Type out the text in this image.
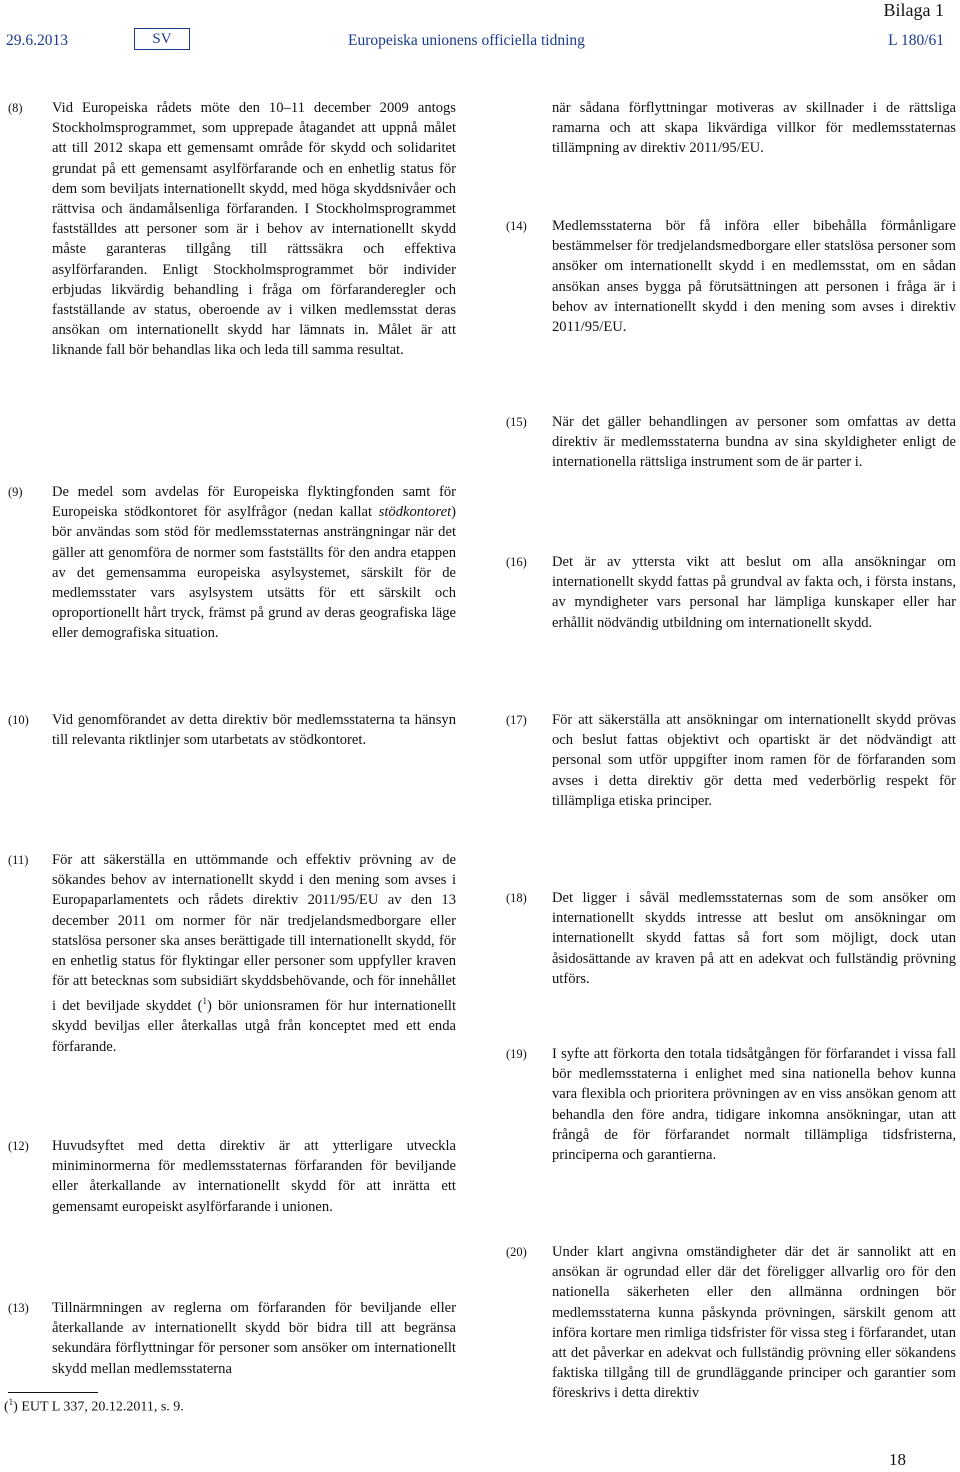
Bilaga 1
29.6.2013	SV	Europeiska unionens officiella tidning	L 180/61
(8) Vid Europeiska rådets möte den 10–11 december 2009 antogs Stockholmsprogrammet, som upprepade åtagandet att uppnå målet att till 2012 skapa ett gemensamt område för skydd och solidaritet grundat på ett gemensamt asylförfarande och en enhetlig status för dem som beviljats internationellt skydd, med höga skyddsnivåer och rättvisa och ändamålsenliga förfaranden. I Stockholmsprogrammet fastställdes att personer som är i behov av internationellt skydd måste garanteras tillgång till rättssäkra och effektiva asylförfaranden. Enligt Stockholmsprogrammet bör individer erbjudas likvärdig behandling i fråga om förfaranderegler och fastställande av status, oberoende av i vilken medlemsstat deras ansökan om internationellt skydd har lämnats in. Målet är att liknande fall bör behandlas lika och leda till samma resultat.
(9) De medel som avdelas för Europeiska flyktingfonden samt för Europeiska stödkontoret för asylfrågor (nedan kallat stödkontoret) bör användas som stöd för medlemsstaternas ansträngningar när det gäller att genomföra de normer som fastställts för den andra etappen av det gemensamma europeiska asylsystemet, särskilt för de medlemsstater vars asylsystem utsätts för ett särskilt och oproportionellt hårt tryck, främst på grund av deras geografiska läge eller demografiska situation.
(10) Vid genomförandet av detta direktiv bör medlemsstaterna ta hänsyn till relevanta riktlinjer som utarbetats av stödkontoret.
(11) För att säkerställa en uttömmande och effektiv prövning av de sökandes behov av internationellt skydd i den mening som avses i Europaparlamentets och rådets direktiv 2011/95/EU av den 13 december 2011 om normer för när tredjelandsmedborgare eller statslösa personer ska anses berättigade till internationellt skydd, för en enhetlig status för flyktingar eller personer som uppfyller kraven för att betecknas som subsidiärt skyddsbehövande, och för innehållet i det beviljade skyddet ($^1$) bör unionsramen för hur internationellt skydd beviljas eller återkallas utgå från konceptet med ett enda förfarande.
(12) Huvudsyftet med detta direktiv är att ytterligare utveckla miniminormerna för medlemsstaternas förfaranden för beviljande eller återkallande av internationellt skydd för att inrätta ett gemensamt europeiskt asylförfarande i unionen.
(13) Tillnärmningen av reglerna om förfaranden för beviljande eller återkallande av internationellt skydd bör bidra till att begränsa sekundära förflyttningar för personer som ansöker om internationellt skydd mellan medlemsstaterna
($^1$) EUT L 337, 20.12.2011, s. 9.
när sådana förflyttningar motiveras av skillnader i de rättsliga ramarna och att skapa likvärdiga villkor för medlemsstaternas tillämpning av direktiv 2011/95/EU.
(14) Medlemsstaterna bör få införa eller bibehålla förmånligare bestämmelser för tredjelandsmedborgare eller statslösa personer som ansöker om internationellt skydd i en medlemsstat, om en sådan ansökan anses bygga på förutsättningen att personen i fråga är i behov av internationellt skydd i den mening som avses i direktiv 2011/95/EU.
(15) När det gäller behandlingen av personer som omfattas av detta direktiv är medlemsstaterna bundna av sina skyldigheter enligt de internationella rättsliga instrument som de är parter i.
(16) Det är av yttersta vikt att beslut om alla ansökningar om internationellt skydd fattas på grundval av fakta och, i första instans, av myndigheter vars personal har lämpliga kunskaper eller har erhållit nödvändig utbildning om internationellt skydd.
(17) För att säkerställa att ansökningar om internationellt skydd prövas och beslut fattas objektivt och opartiskt är det nödvändigt att personal som utför uppgifter inom ramen för de förfaranden som avses i detta direktiv gör detta med vederbörlig respekt för tillämpliga etiska principer.
(18) Det ligger i såväl medlemsstaternas som de som ansöker om internationellt skydds intresse att beslut om ansökningar om internationellt skydd fattas så fort som möjligt, dock utan åsidosättande av kraven på att en adekvat och fullständig prövning utförs.
(19) I syfte att förkorta den totala tidsåtgången för förfarandet i vissa fall bör medlemsstaterna i enlighet med sina nationella behov kunna vara flexibla och prioritera prövningen av en viss ansökan genom att behandla den före andra, tidigare inkomna ansökningar, utan att frångå de för förfarandet normalt tillämpliga tidsfristerna, principerna och garantierna.
(20) Under klart angivna omständigheter där det är sannolikt att en ansökan är ogrundad eller där det föreligger allvarlig oro för den nationella säkerheten eller den allmänna ordningen bör medlemsstaterna kunna påskynda prövningen, särskilt genom att införa kortare men rimliga tidsfrister för vissa steg i förfarandet, utan att det påverkar en adekvat och fullständig prövning eller sökandens faktiska tillgång till de grundläggande principer och garantier som föreskrivs i detta direktiv
18
